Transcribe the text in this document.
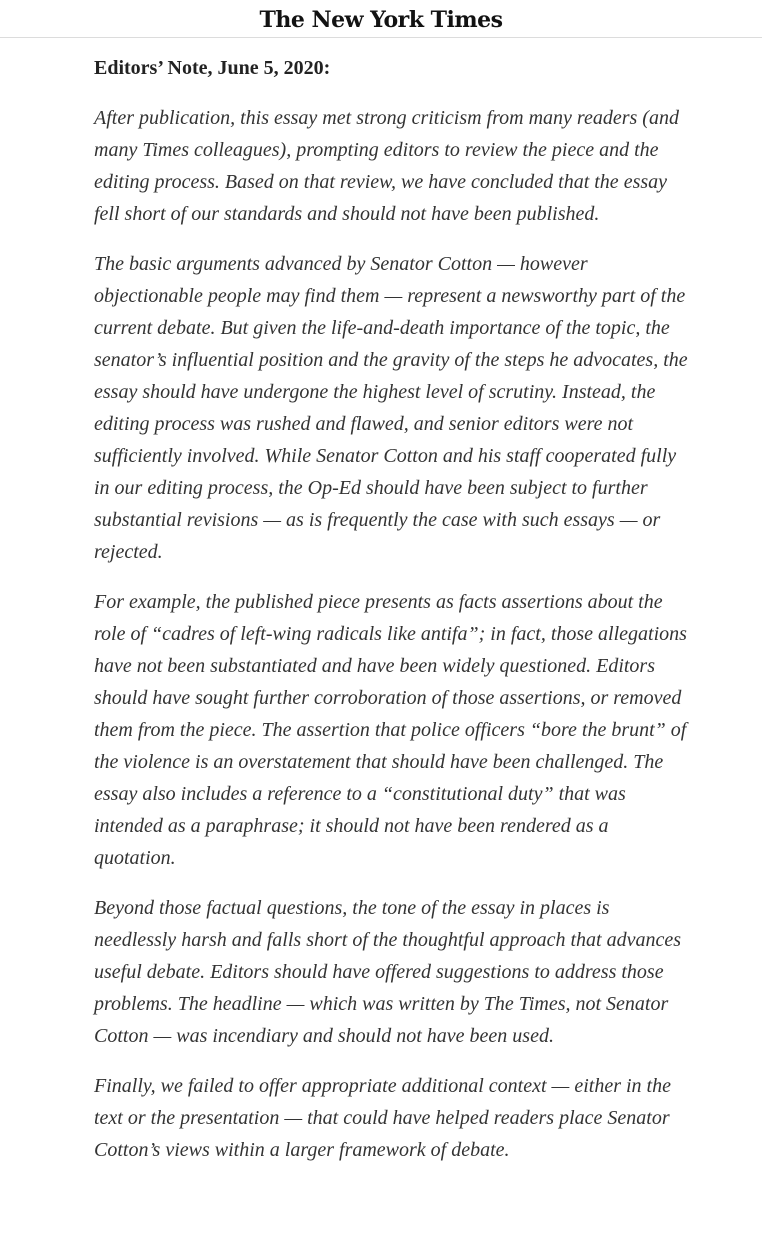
The New York Times

Editors’ Note, June 5, 2020:

After publication, this essay met strong criticism from many readers (and many Times colleagues), prompting editors to review the piece and the editing process. Based on that review, we have concluded that the essay fell short of our standards and should not have been published.

The basic arguments advanced by Senator Cotton — however objectionable people may find them — represent a newsworthy part of the current debate. But given the life-and-death importance of the topic, the senator’s influential position and the gravity of the steps he advocates, the essay should have undergone the highest level of scrutiny. Instead, the editing process was rushed and flawed, and senior editors were not sufficiently involved. While Senator Cotton and his staff cooperated fully in our editing process, the Op-Ed should have been subject to further substantial revisions — as is frequently the case with such essays — or rejected.

For example, the published piece presents as facts assertions about the role of “cadres of left-wing radicals like antifa”; in fact, those allegations have not been substantiated and have been widely questioned. Editors should have sought further corroboration of those assertions, or removed them from the piece. The assertion that police officers “bore the brunt” of the violence is an overstatement that should have been challenged. The essay also includes a reference to a “constitutional duty” that was intended as a paraphrase; it should not have been rendered as a quotation.

Beyond those factual questions, the tone of the essay in places is needlessly harsh and falls short of the thoughtful approach that advances useful debate. Editors should have offered suggestions to address those problems. The headline — which was written by The Times, not Senator Cotton — was incendiary and should not have been used.

Finally, we failed to offer appropriate additional context — either in the text or the presentation — that could have helped readers place Senator Cotton’s views within a larger framework of debate.
